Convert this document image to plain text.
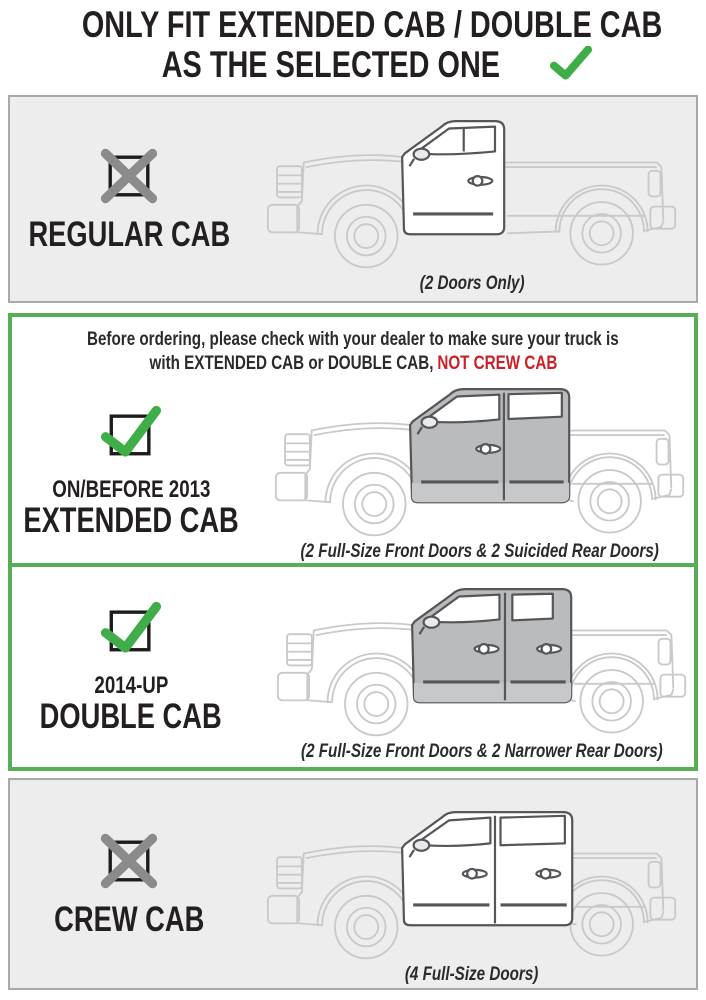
ONLY FIT EXTENDED CAB / DOUBLE CAB
AS THE SELECTED ONE
REGULAR CAB
(2 Doors Only)
Before ordering, please check with your dealer to make sure your truck is
with EXTENDED CAB or DOUBLE CAB, NOT CREW CAB
ON/BEFORE 2013
EXTENDED CAB
(2 Full-Size Front Doors & 2 Suicided Rear Doors)
2014-UP
DOUBLE CAB
(2 Full-Size Front Doors & 2 Narrower Rear Doors)
CREW CAB
(4 Full-Size Doors)
